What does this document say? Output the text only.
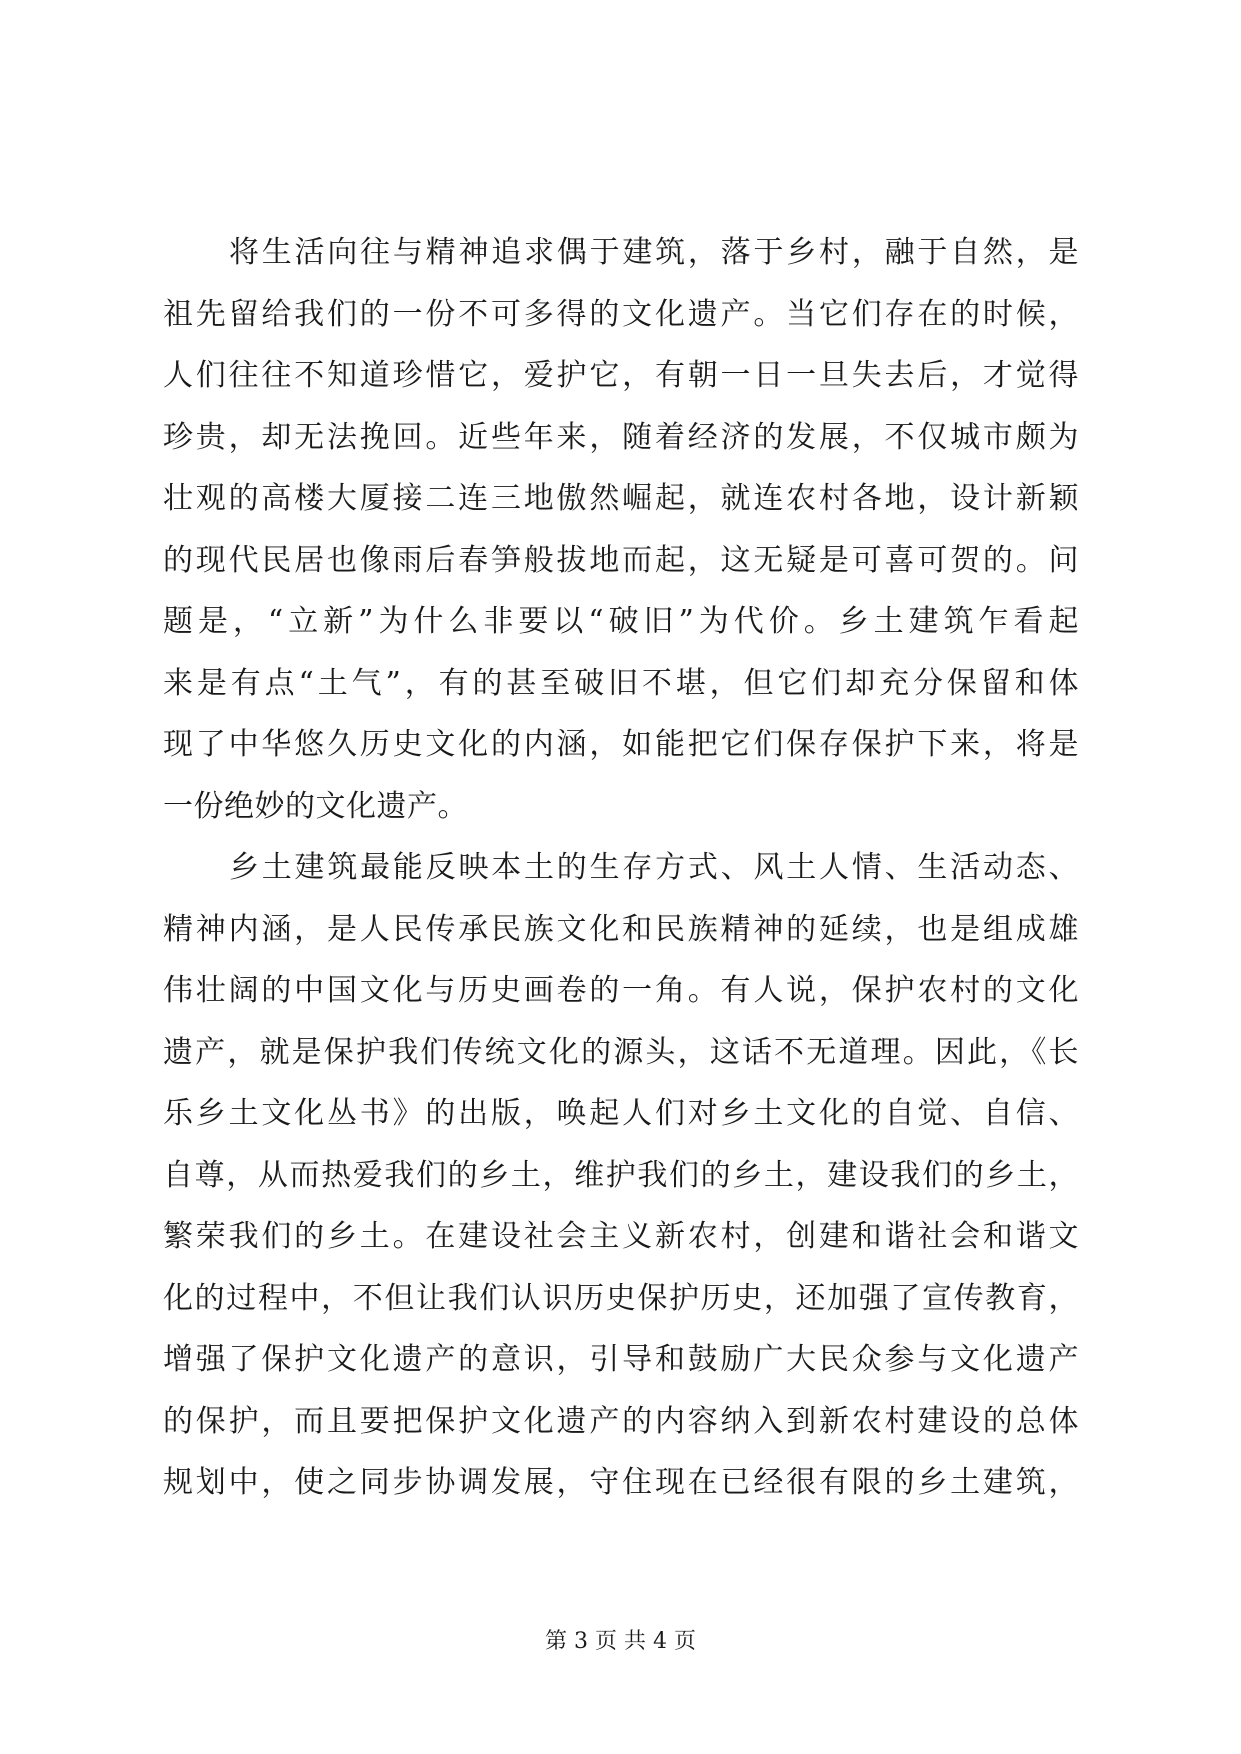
将生活向往与精神追求偶于建筑，落于乡村，融于自然，是
祖先留给我们的一份不可多得的文化遗产。当它们存在的时候，
人们往往不知道珍惜它，爱护它，有朝一日一旦失去后，才觉得
珍贵，却无法挽回。近些年来，随着经济的发展，不仅城市颇为
壮观的高楼大厦接二连三地傲然崛起，就连农村各地，设计新颖
的现代民居也像雨后春笋般拔地而起，这无疑是可喜可贺的。问
题是，“立新”为什么非要以“破旧”为代价。乡土建筑乍看起
来是有点“土气”，有的甚至破旧不堪，但它们却充分保留和体
现了中华悠久历史文化的内涵，如能把它们保存保护下来，将是
一份绝妙的文化遗产。
乡土建筑最能反映本土的生存方式、风土人情、生活动态、
精神内涵，是人民传承民族文化和民族精神的延续，也是组成雄
伟壮阔的中国文化与历史画卷的一角。有人说，保护农村的文化
遗产，就是保护我们传统文化的源头，这话不无道理。因此，《长
乐乡土文化丛书》的出版，唤起人们对乡土文化的自觉、自信、
自尊，从而热爱我们的乡土，维护我们的乡土，建设我们的乡土，
繁荣我们的乡土。在建设社会主义新农村，创建和谐社会和谐文
化的过程中，不但让我们认识历史保护历史，还加强了宣传教育，
增强了保护文化遗产的意识，引导和鼓励广大民众参与文化遗产
的保护，而且要把保护文化遗产的内容纳入到新农村建设的总体
规划中，使之同步协调发展，守住现在已经很有限的乡土建筑，
第 3 页 共 4 页
